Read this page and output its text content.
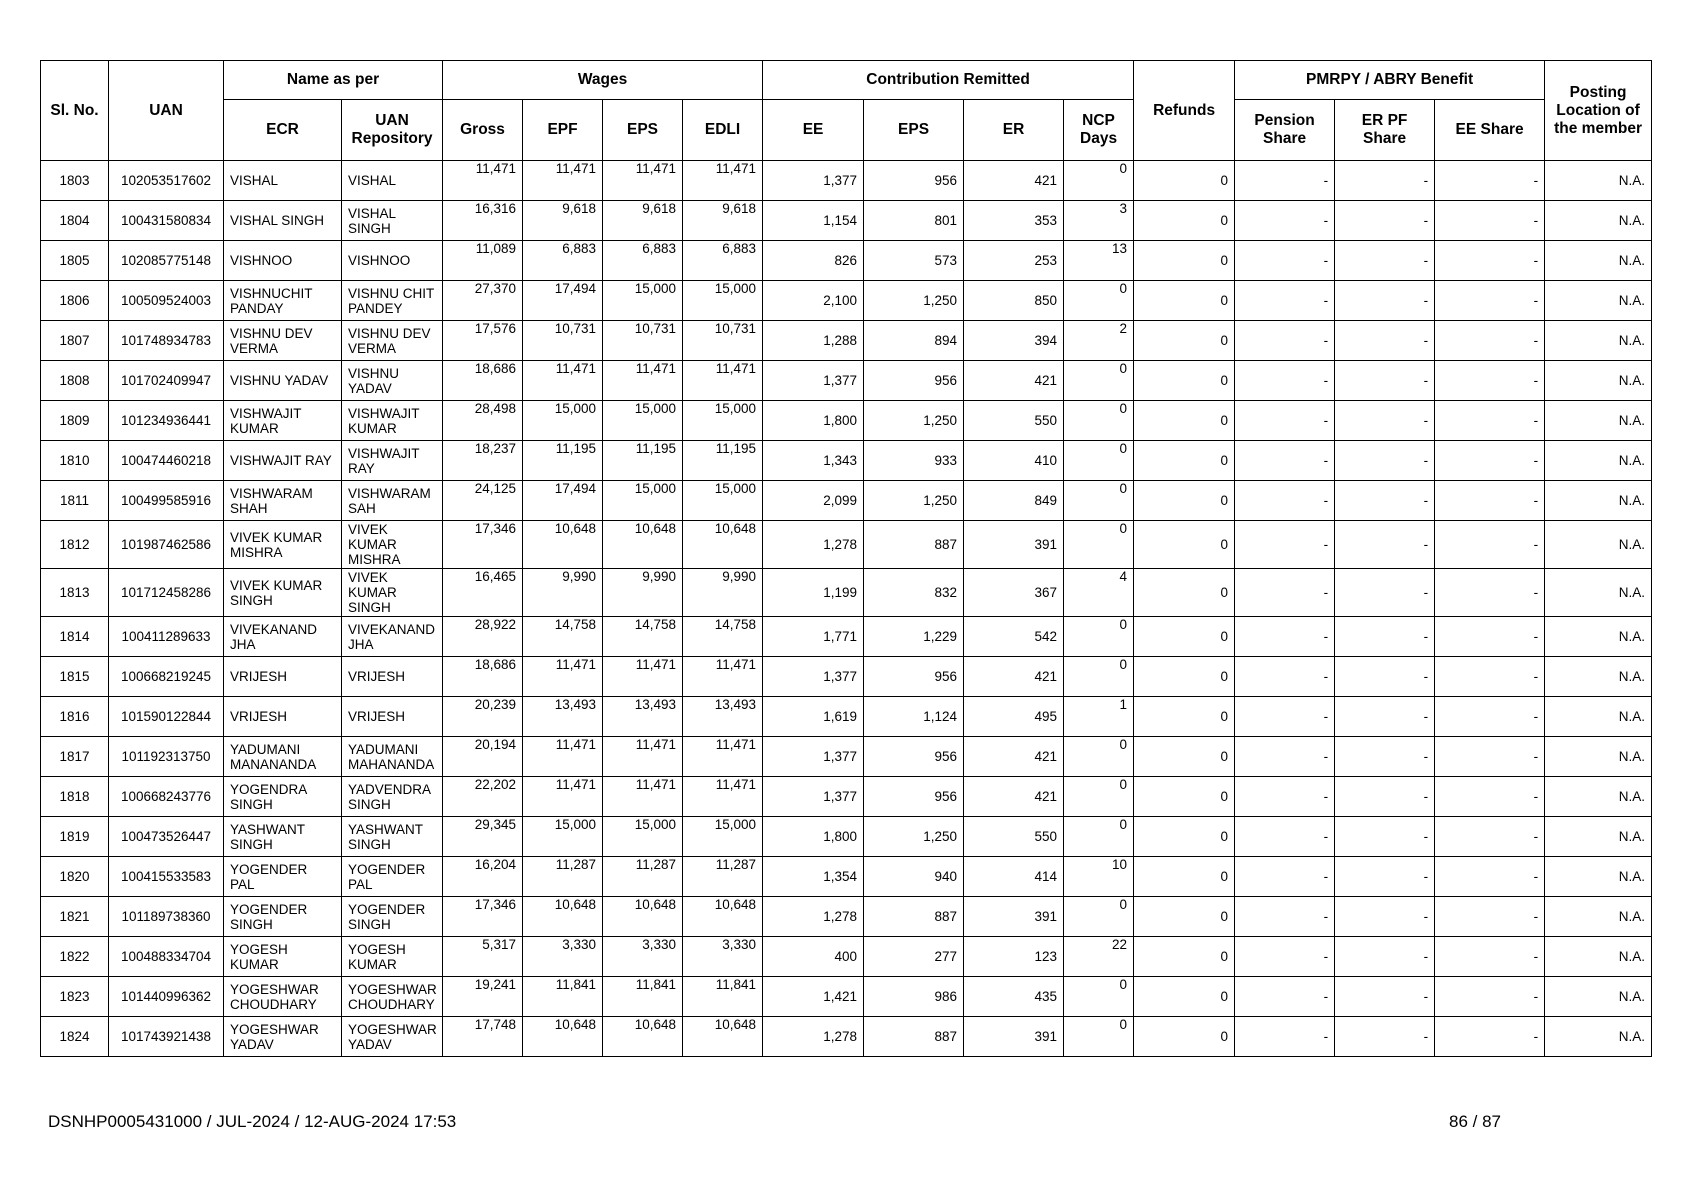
Sl. No.	UAN	Name as per		Wages				Contribution Remitted				Refunds	PMRPY / ABRY Benefit			Posting Location of the member
		ECR	UAN Repository	Gross	EPF	EPS	EDLI	EE	EPS	ER	NCP Days		Pension Share	ER PF Share	EE Share	
1803	102053517602	VISHAL	VISHAL	11,471	11,471	11,471	11,471	1,377	956	421	0	0	-	-	-	N.A.
1804	100431580834	VISHAL SINGH	VISHAL SINGH	16,316	9,618	9,618	9,618	1,154	801	353	3	0	-	-	-	N.A.
1805	102085775148	VISHNOO	VISHNOO	11,089	6,883	6,883	6,883	826	573	253	13	0	-	-	-	N.A.
1806	100509524003	VISHNUCHIT PANDAY	VISHNU CHIT PANDEY	27,370	17,494	15,000	15,000	2,100	1,250	850	0	0	-	-	-	N.A.
1807	101748934783	VISHNU DEV VERMA	VISHNU DEV VERMA	17,576	10,731	10,731	10,731	1,288	894	394	2	0	-	-	-	N.A.
1808	101702409947	VISHNU YADAV	VISHNU YADAV	18,686	11,471	11,471	11,471	1,377	956	421	0	0	-	-	-	N.A.
1809	101234936441	VISHWAJIT KUMAR	VISHWAJIT KUMAR	28,498	15,000	15,000	15,000	1,800	1,250	550	0	0	-	-	-	N.A.
1810	100474460218	VISHWAJIT RAY	VISHWAJIT RAY	18,237	11,195	11,195	11,195	1,343	933	410	0	0	-	-	-	N.A.
1811	100499585916	VISHWARAM SHAH	VISHWARAM SAH	24,125	17,494	15,000	15,000	2,099	1,250	849	0	0	-	-	-	N.A.
1812	101987462586	VIVEK KUMAR MISHRA	VIVEK KUMAR MISHRA	17,346	10,648	10,648	10,648	1,278	887	391	0	0	-	-	-	N.A.
1813	101712458286	VIVEK KUMAR SINGH	VIVEK KUMAR SINGH	16,465	9,990	9,990	9,990	1,199	832	367	4	0	-	-	-	N.A.
1814	100411289633	VIVEKANAND JHA	VIVEKANAND JHA	28,922	14,758	14,758	14,758	1,771	1,229	542	0	0	-	-	-	N.A.
1815	100668219245	VRIJESH	VRIJESH	18,686	11,471	11,471	11,471	1,377	956	421	0	0	-	-	-	N.A.
1816	101590122844	VRIJESH	VRIJESH	20,239	13,493	13,493	13,493	1,619	1,124	495	1	0	-	-	-	N.A.
1817	101192313750	YADUMANI MANANANDA	YADUMANI MAHANANDA	20,194	11,471	11,471	11,471	1,377	956	421	0	0	-	-	-	N.A.
1818	100668243776	YOGENDRA SINGH	YADVENDRA SINGH	22,202	11,471	11,471	11,471	1,377	956	421	0	0	-	-	-	N.A.
1819	100473526447	YASHWANT SINGH	YASHWANT SINGH	29,345	15,000	15,000	15,000	1,800	1,250	550	0	0	-	-	-	N.A.
1820	100415533583	YOGENDER PAL	YOGENDER PAL	16,204	11,287	11,287	11,287	1,354	940	414	10	0	-	-	-	N.A.
1821	101189738360	YOGENDER SINGH	YOGENDER SINGH	17,346	10,648	10,648	10,648	1,278	887	391	0	0	-	-	-	N.A.
1822	100488334704	YOGESH KUMAR	YOGESH KUMAR	5,317	3,330	3,330	3,330	400	277	123	22	0	-	-	-	N.A.
1823	101440996362	YOGESHWAR CHOUDHARY	YOGESHWAR CHOUDHARY	19,241	11,841	11,841	11,841	1,421	986	435	0	0	-	-	-	N.A.
1824	101743921438	YOGESHWAR YADAV	YOGESHWAR YADAV	17,748	10,648	10,648	10,648	1,278	887	391	0	0	-	-	-	N.A.
DSNHP0005431000 / JUL-2024 / 12-AUG-2024 17:53	86 / 87
